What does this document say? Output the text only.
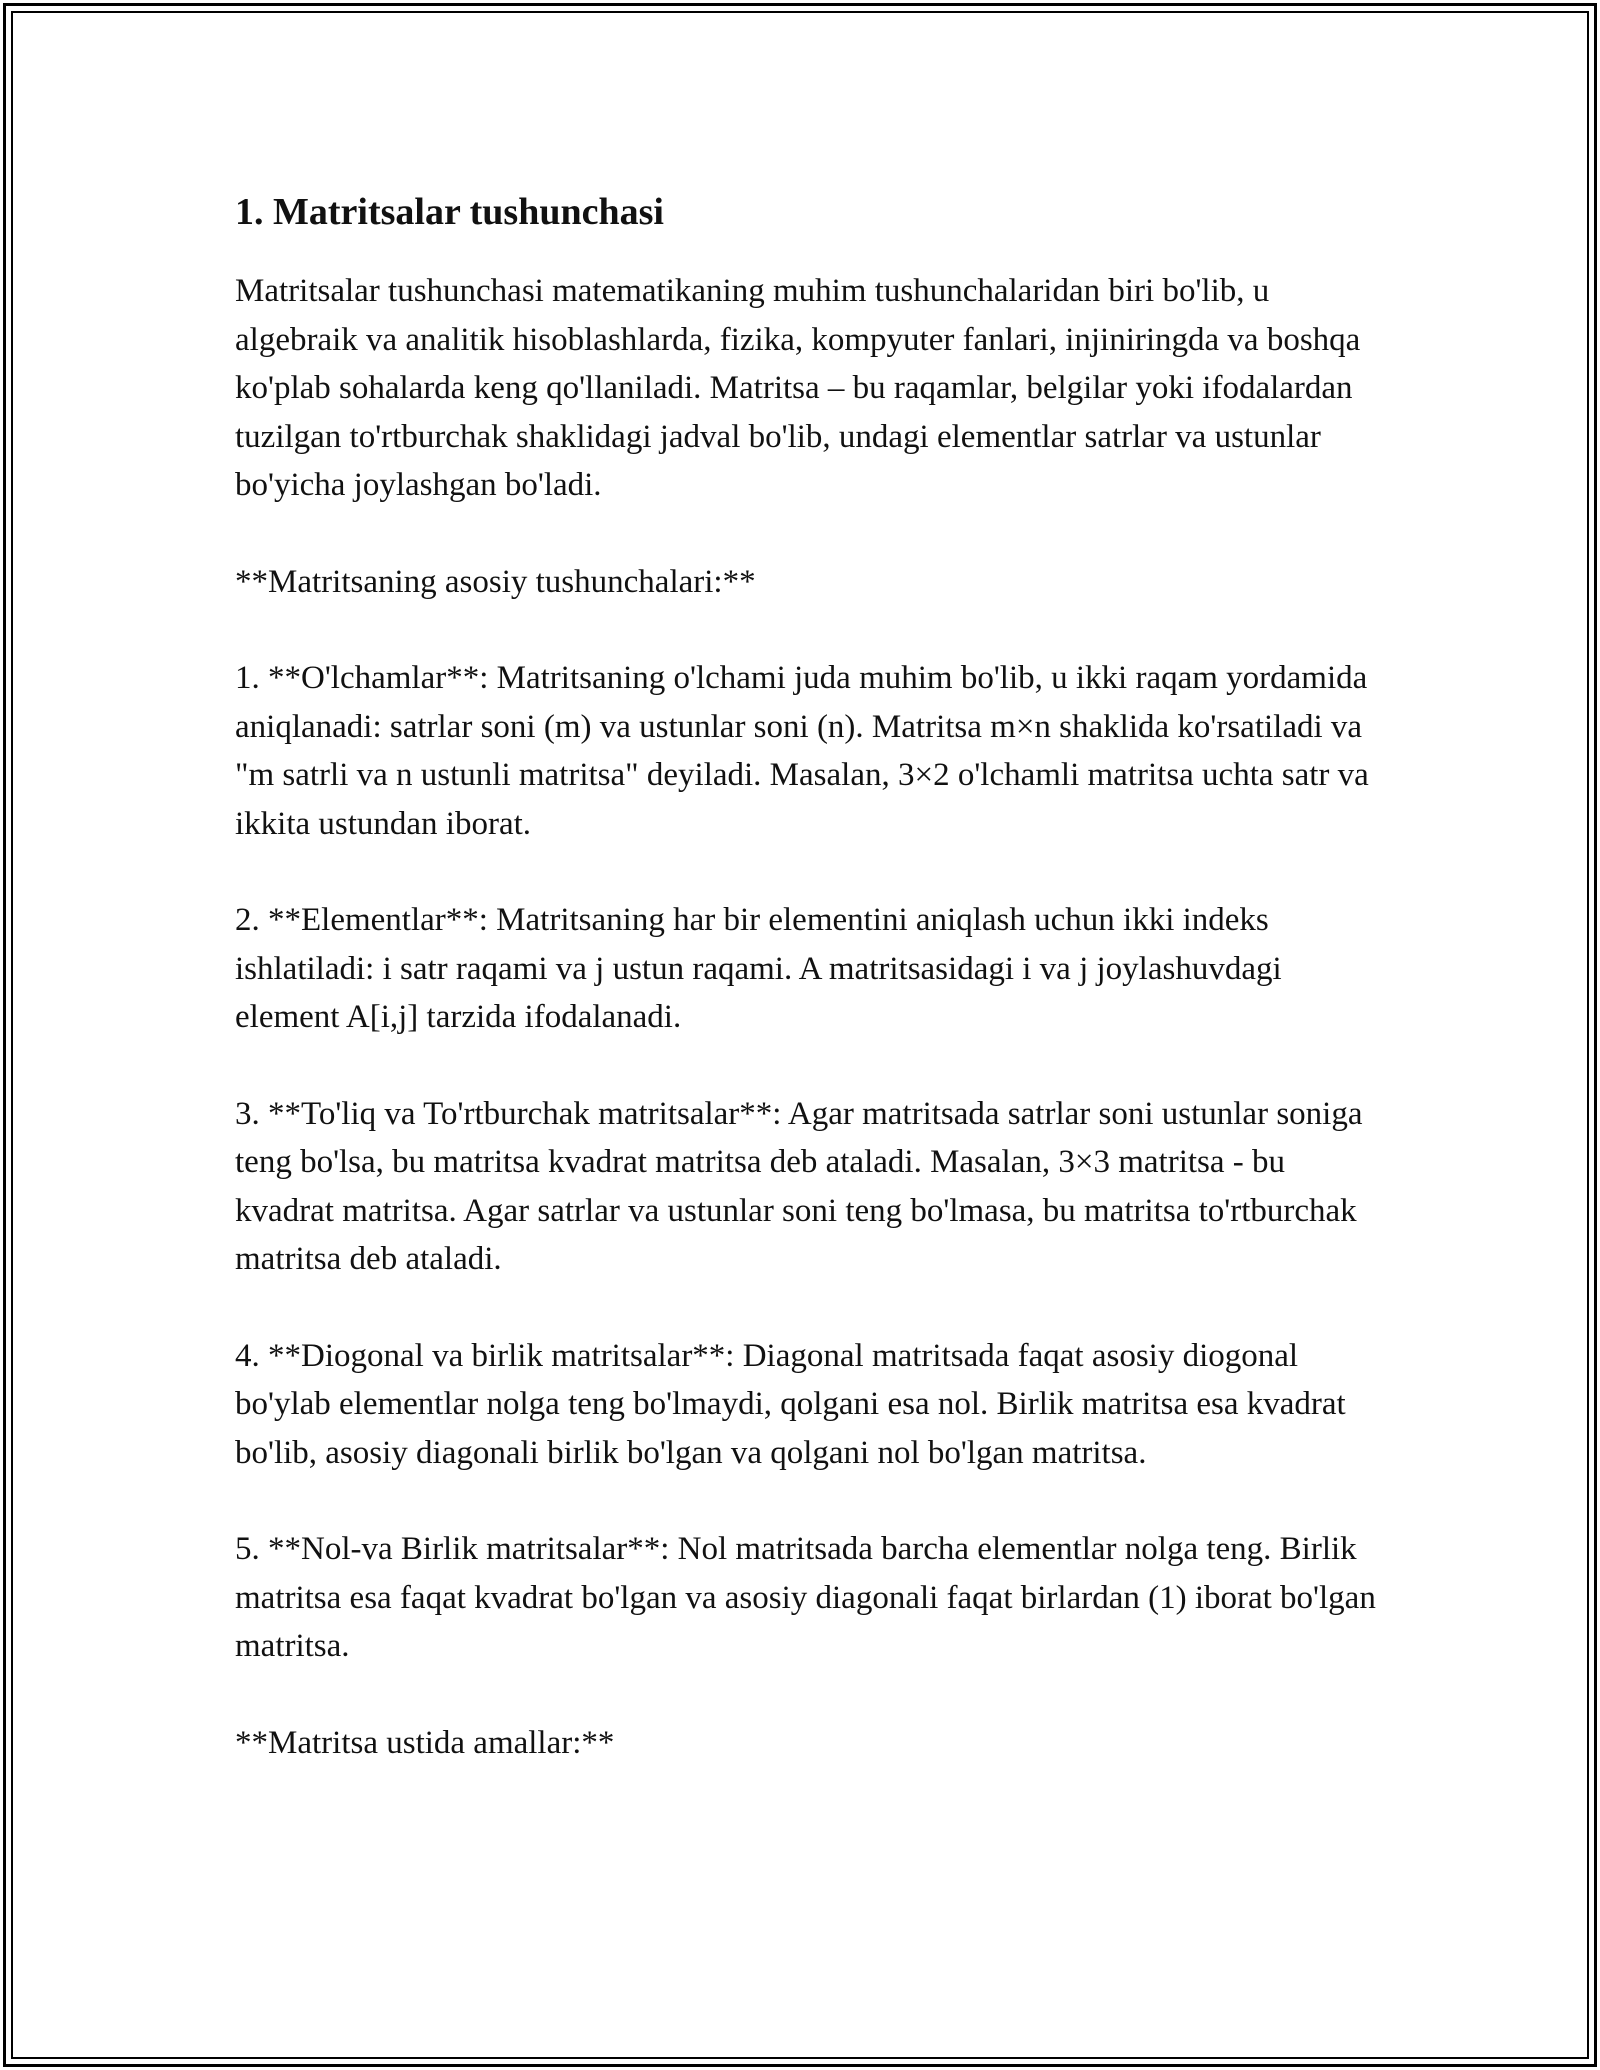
1. Matritsalar tushunchasi

Matritsalar tushunchasi matematikaning muhim tushunchalaridan biri bo'lib, u algebraik va analitik hisoblashlarda, fizika, kompyuter fanlari, injiniringda va boshqa ko'plab sohalarda keng qo'llaniladi. Matritsa – bu raqamlar, belgilar yoki ifodalardan tuzilgan to'rtburchak shaklidagi jadval bo'lib, undagi elementlar satrlar va ustunlar bo'yicha joylashgan bo'ladi.

**Matritsaning asosiy tushunchalari:**

1. **O'lchamlar**: Matritsaning o'lchami juda muhim bo'lib, u ikki raqam yordamida aniqlanadi: satrlar soni (m) va ustunlar soni (n). Matritsa m×n shaklida ko'rsatiladi va "m satrli va n ustunli matritsa" deyiladi. Masalan, 3×2 o'lchamli matritsa uchta satr va ikkita ustundan iborat.

2. **Elementlar**: Matritsaning har bir elementini aniqlash uchun ikki indeks ishlatiladi: i satr raqami va j ustun raqami. A matritsasidagi i va j joylashuvdagi element A[i,j] tarzida ifodalanadi.

3. **To'liq va To'rtburchak matritsalar**: Agar matritsada satrlar soni ustunlar soniga teng bo'lsa, bu matritsa kvadrat matritsa deb ataladi. Masalan, 3×3 matritsa - bu kvadrat matritsa. Agar satrlar va ustunlar soni teng bo'lmasa, bu matritsa to'rtburchak matritsa deb ataladi.

4. **Diogonal va birlik matritsalar**: Diagonal matritsada faqat asosiy diogonal bo'ylab elementlar nolga teng bo'lmaydi, qolgani esa nol. Birlik matritsa esa kvadrat bo'lib, asosiy diagonali birlik bo'lgan va qolgani nol bo'lgan matritsa.

5. **Nol-va Birlik matritsalar**: Nol matritsada barcha elementlar nolga teng. Birlik matritsa esa faqat kvadrat bo'lgan va asosiy diagonali faqat birlardan (1) iborat bo'lgan matritsa.

**Matritsa ustida amallar:**
